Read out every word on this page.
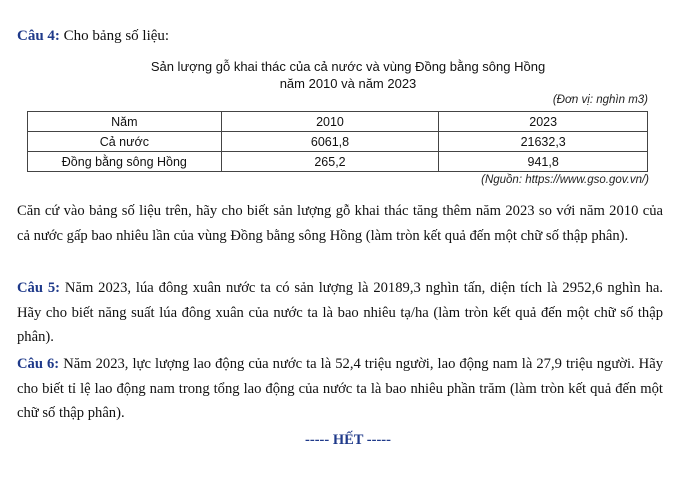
Câu 4: Cho bảng số liệu:
Sản lượng gỗ khai thác của cả nước và vùng Đồng bằng sông Hồng
năm 2010 và năm 2023
(Đơn vị: nghìn m3)
Năm	2010	2023
Cả nước	6061,8	21632,3
Đồng bằng sông Hồng	265,2	941,8
(Nguồn: https://www.gso.gov.vn/)
Căn cứ vào bảng số liệu trên, hãy cho biết sản lượng gỗ khai thác tăng thêm năm 2023 so với năm 2010 của cả nước gấp bao nhiêu lần của vùng Đồng bằng sông Hồng (làm tròn kết quả đến một chữ số thập phân).
Câu 5: Năm 2023, lúa đông xuân nước ta có sản lượng là 20189,3 nghìn tấn, diện tích là 2952,6 nghìn ha. Hãy cho biết năng suất lúa đông xuân của nước ta là bao nhiêu tạ/ha (làm tròn kết quả đến một chữ số thập phân).
Câu 6: Năm 2023, lực lượng lao động của nước ta là 52,4 triệu người, lao động nam là 27,9 triệu người. Hãy cho biết tỉ lệ lao động nam trong tổng lao động của nước ta là bao nhiêu phần trăm (làm tròn kết quả đến một chữ số thập phân).
----- HẾT -----
